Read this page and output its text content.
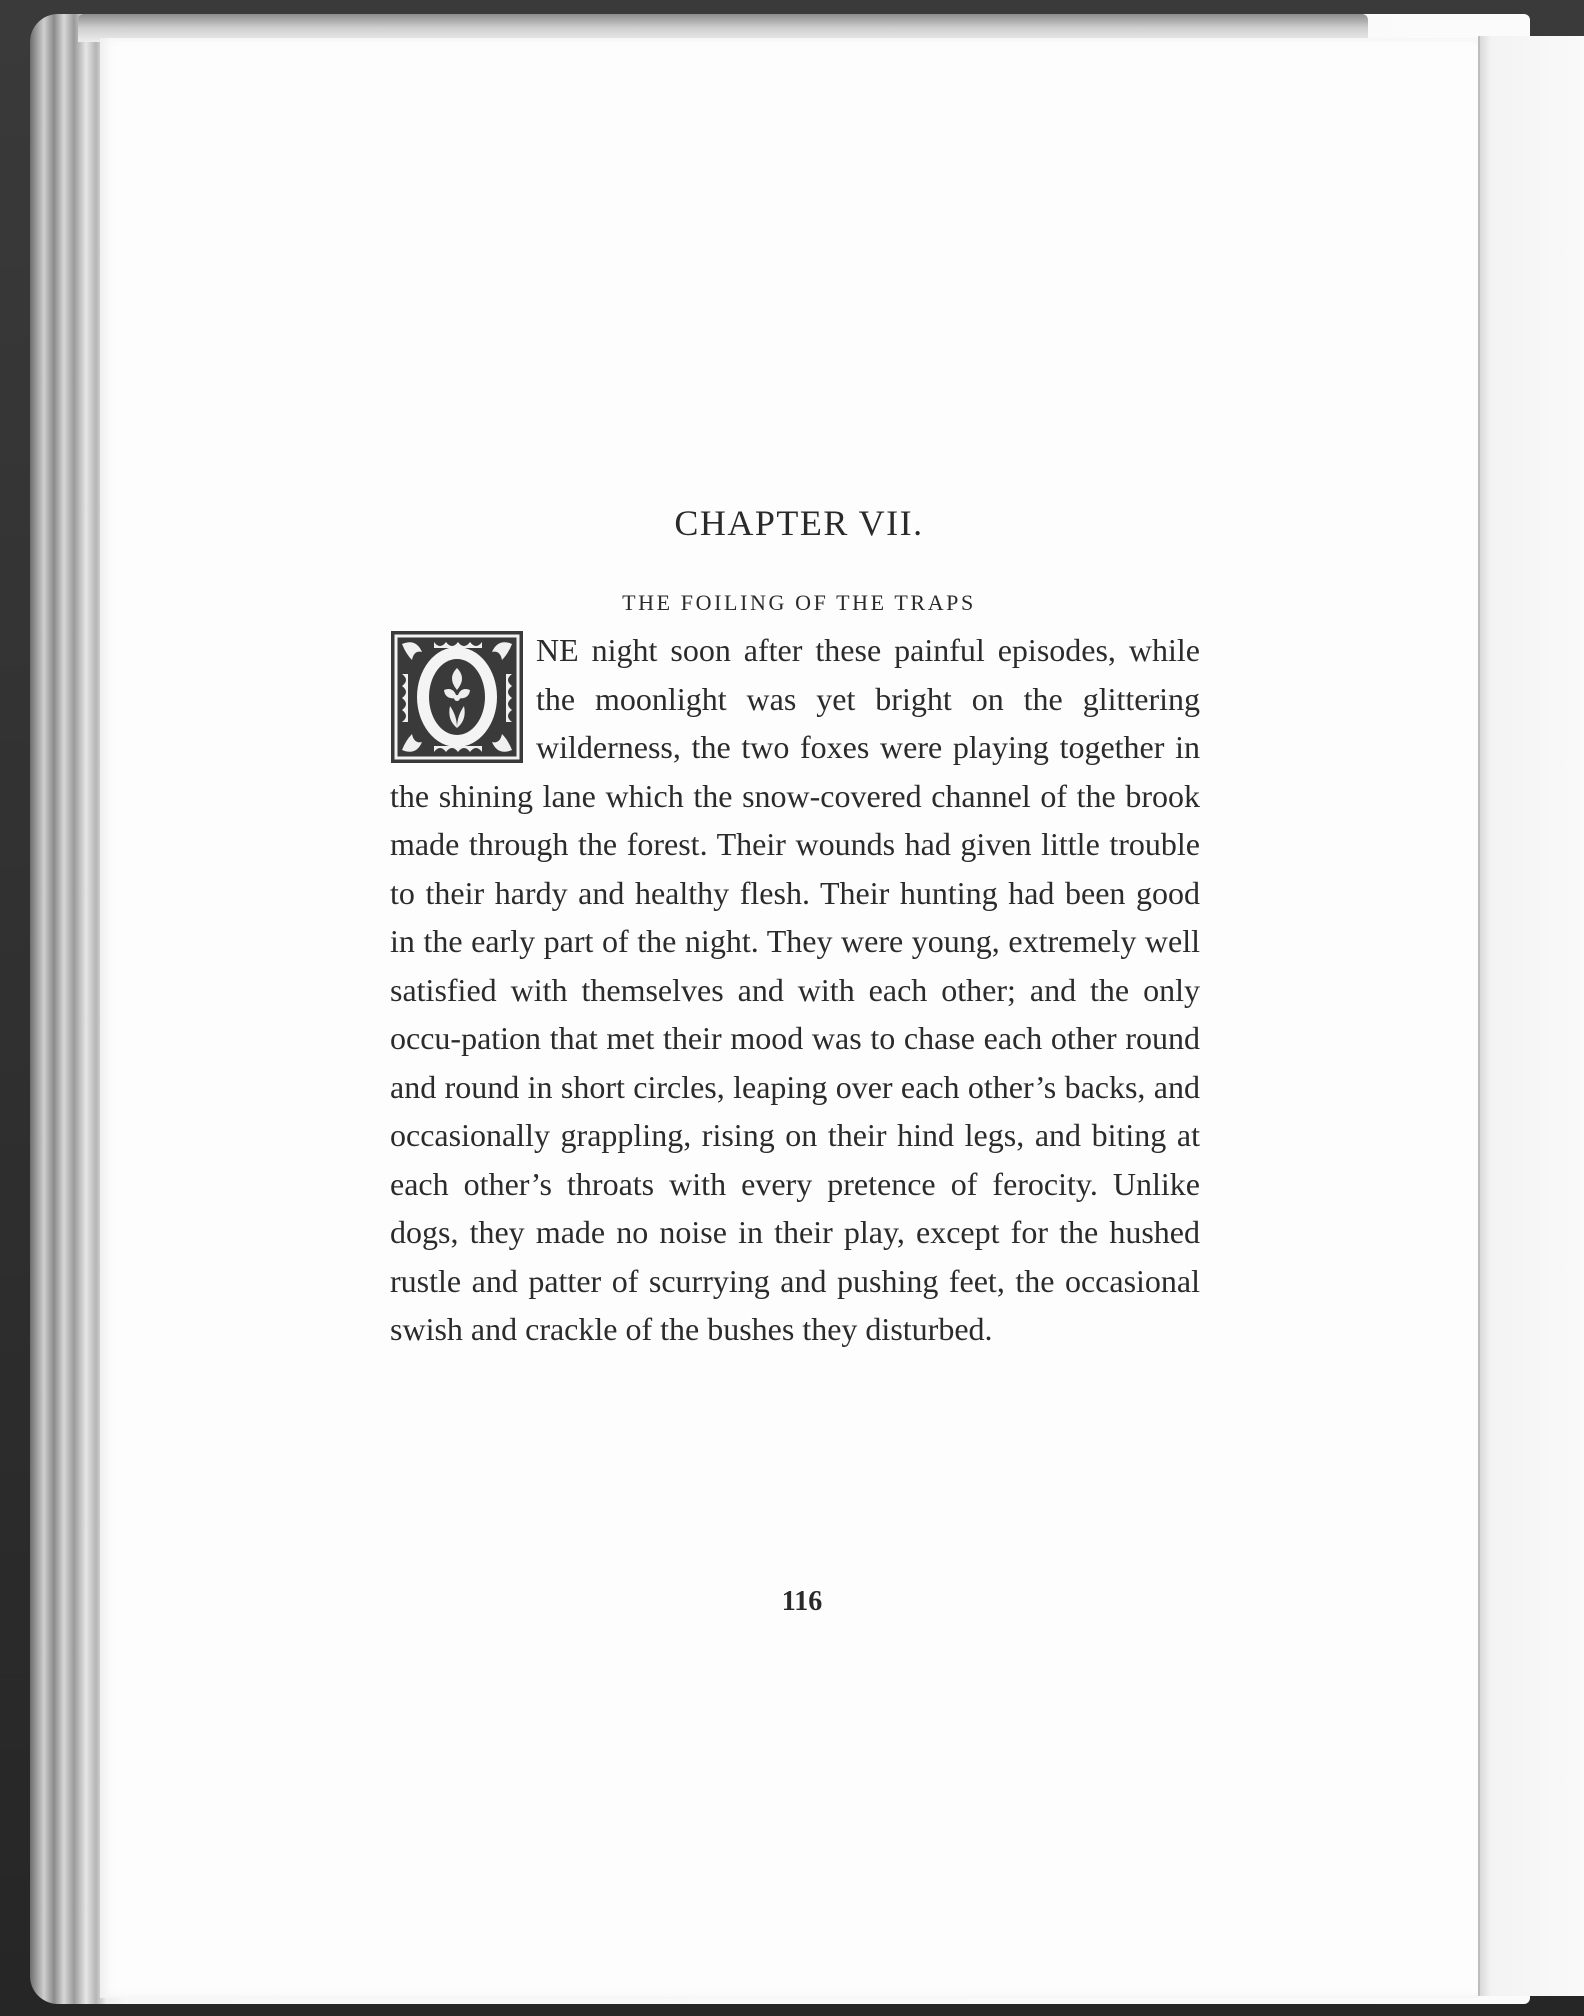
CHAPTER VII.
THE FOILING OF THE TRAPS

NE night soon after these painful episodes, while the moonlight was yet bright on the glittering wilderness, the two foxes were playing together in the shining lane which the snow-covered channel of the brook made through the forest. Their wounds had given little trouble to their hardy and healthy flesh. Their hunting had been good in the early part of the night. They were young, extremely well satisfied with themselves and with each other; and the only occu-pation that met their mood was to chase each other round and round in short circles, leaping over each other’s backs, and occasionally grappling, rising on their hind legs, and biting at each other’s throats with every pretence of ferocity. Unlike dogs, they made no noise in their play, except for the hushed rustle and patter of scurrying and pushing feet, the occasional swish and crackle of the bushes they disturbed.

116
